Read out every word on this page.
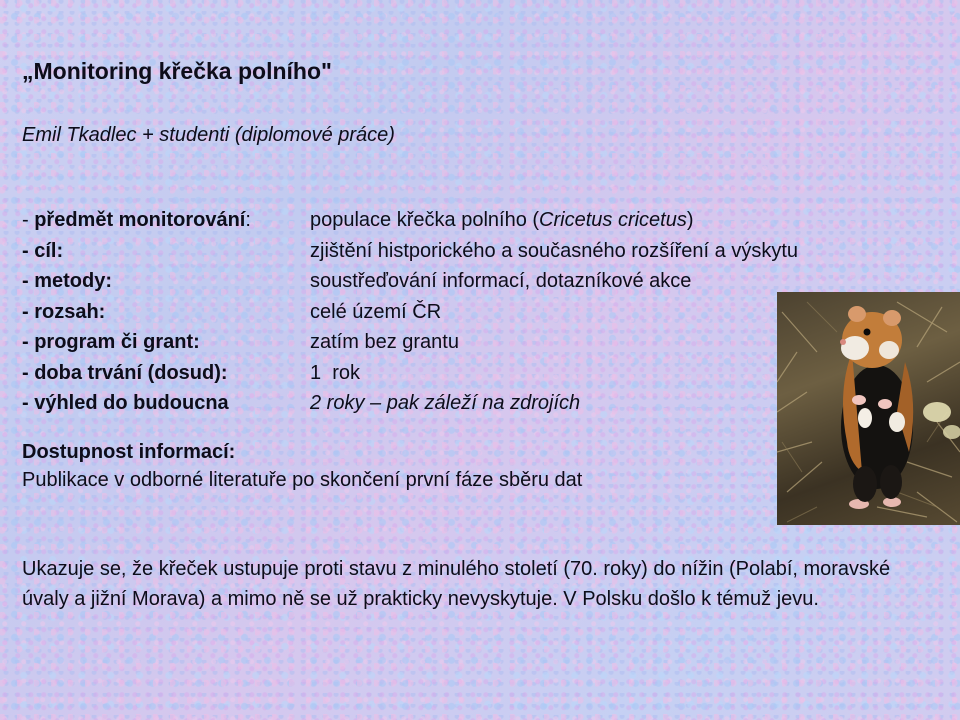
„Monitoring křečka polního"
Emil Tkadlec + studenti (diplomové práce)
- předmět monitorování:	populace křečka polního (Cricetus cricetus)
- cíl:	zjištění histporického a současného rozšíření a výskytu
- metody:	soustřeďování informací, dotazníkové akce
- rozsah:	celé území ČR
- program či grant:	zatím bez grantu
- doba trvání (dosud):	1  rok
- výhled do budoucna	2 roky – pak záleží na zdrojích
Dostupnost informací:
Publikace v odborné literatuře po skončení první fáze sběru dat

Ukazuje se, že křeček ustupuje proti stavu z minulého století (70. roky) do nížin (Polabí, moravské úvaly a jižní Morava) a mimo ně se už prakticky nevyskytuje. V Polsku došlo k témuž jevu.
